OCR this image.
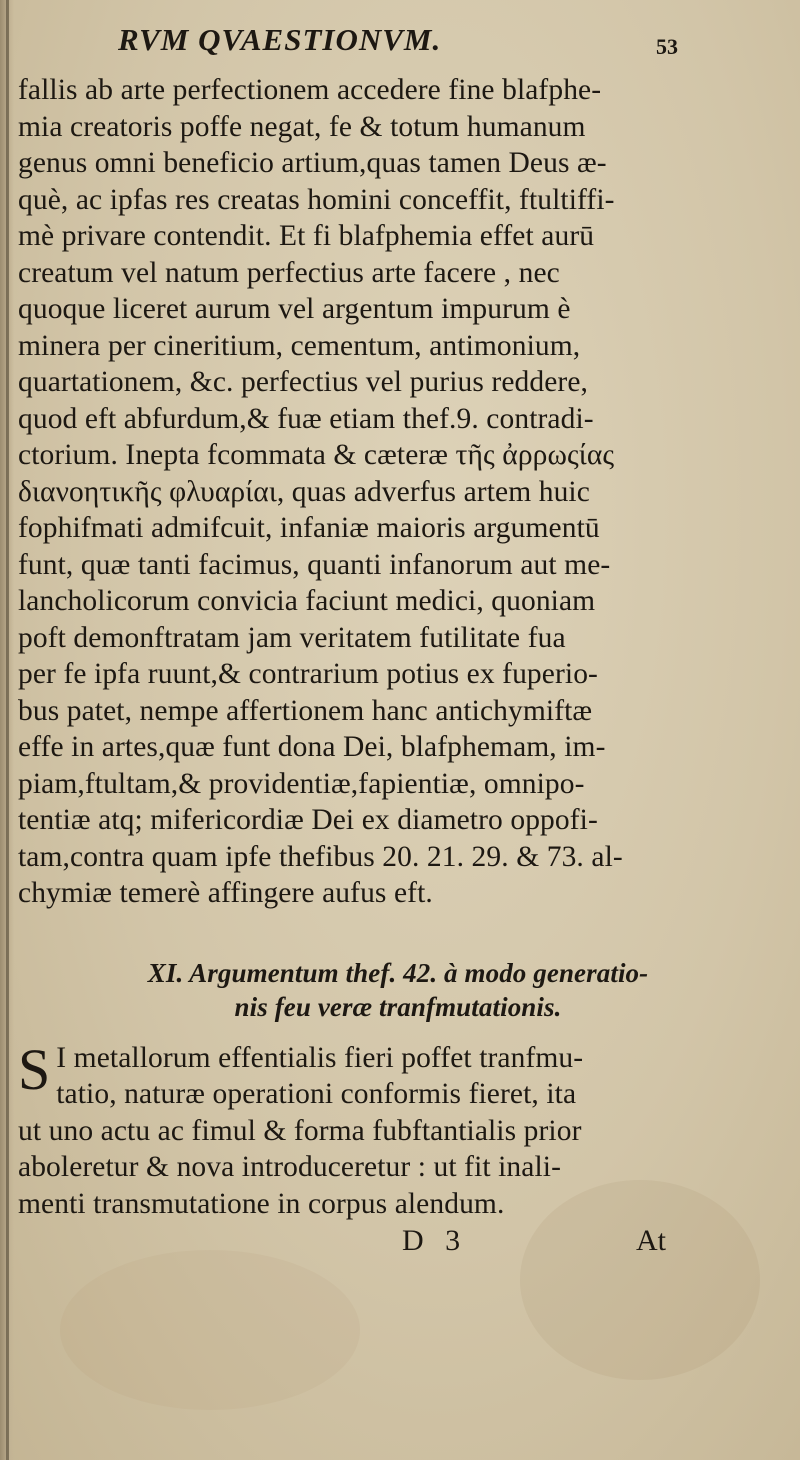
RVM QVAESTIONVM.	53
fallis ab arte perfectionem accedere fine blafphe-
mia creatoris poffe negat, fe & totum humanum
genus omni beneficio artium,quas tamen Deus æ-
què, ac ipfas res creatas homini conceffit, ftultiffi-
mè privare contendit. Et fi blafphemia effet aurū
creatum vel natum perfectius arte facere , nec
quoque liceret aurum vel argentum impurum è
minera per cineritium, cementum, antimonium,
quartationem, &c. perfectius vel purius reddere,
quod eft abfurdum,& fuæ etiam thef.9. contradi-
ctorium. Inepta fcommata & cæteræ τῆς ἀρρωςίας
διανοητικῆς φλυαρίαι, quas adverfus artem huic
fophifmati admifcuit, infaniæ maioris argumentū
funt, quæ tanti facimus, quanti infanorum aut me-
lancholicorum convicia faciunt medici, quoniam
poft demonftratam jam veritatem futilitate fua
per fe ipfa ruunt,& contrarium potius ex fuperio-
bus patet, nempe affertionem hanc antichymiftæ
effe in artes,quæ funt dona Dei, blafphemam, im-
piam,ftultam,& providentiæ,fapientiæ, omnipo-
tentiæ atq; mifericordiæ Dei ex diametro oppofi-
tam,contra quam ipfe thefibus 20. 21. 29. & 73. al-
chymiæ temerè affingere aufus eft.
XI. Argumentum thef. 42. à modo generatio-
nis feu veræ tranfmutationis.
S I metallorum effentialis fieri poffet tranfmu-
tatio, naturæ operationi conformis fieret, ita
ut uno actu ac fimul & forma fubftantialis prior
aboleretur & nova introduceretur : ut fit inali-
menti transmutatione in corpus alendum.
D 3	At
